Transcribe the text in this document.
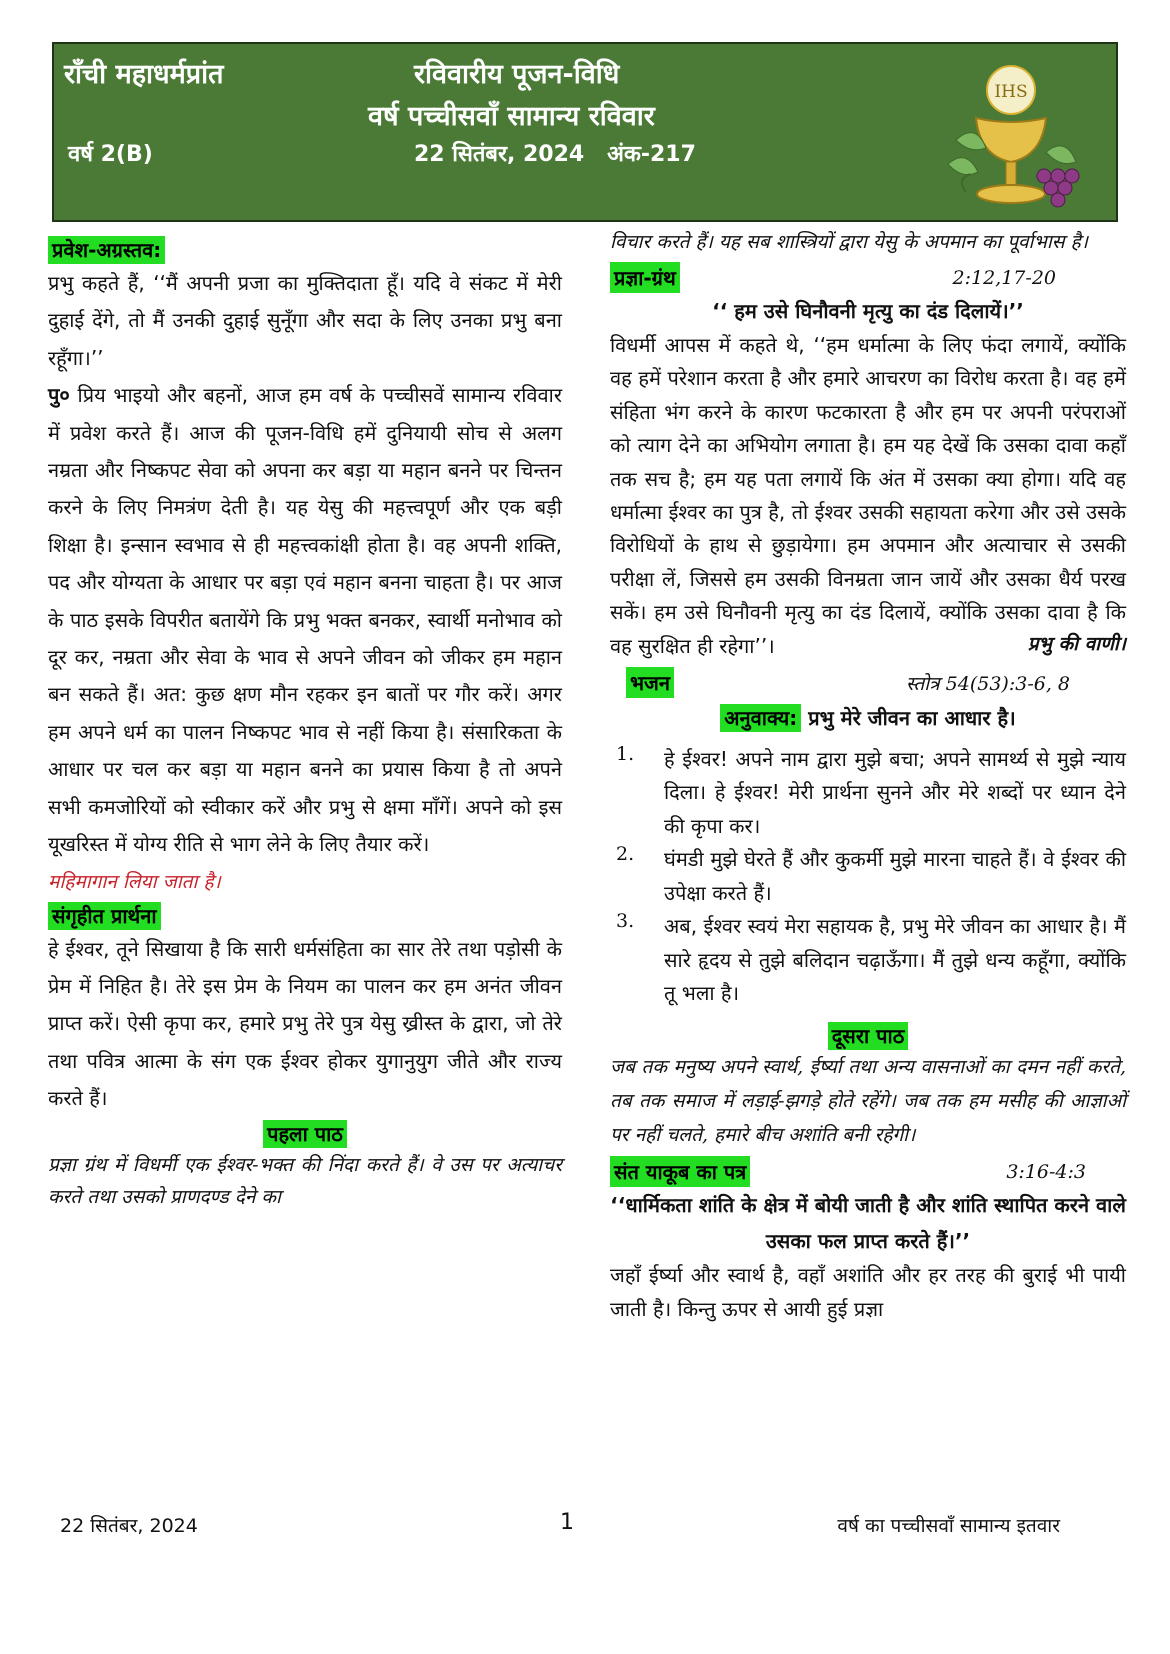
राँची महाधर्मप्रांत
वर्ष 2(B)
रविवारीय पूजन-विधि
वर्ष पच्चीसवाँ सामान्य रविवार
22 सितंबर, 2024   अंक-217
IHS
प्रवेश-अग्रस्तव:

प्रभु कहते हैं, ‘‘मैं अपनी प्रजा का मुक्तिदाता हूँ। यदि वे संकट में मेरी दुहाई देंगे, तो मैं उनकी दुहाई सुनूँगा और सदा के लिए उनका प्रभु बना रहूँगा।’’

पु० प्रिय भाइयो और बहनों, आज हम वर्ष के पच्चीसवें सामान्य रविवार में प्रवेश करते हैं। आज की पूजन-विधि हमें दुनियायी सोच से अलग नम्रता और निष्कपट सेवा को अपना कर बड़ा या महान बनने पर चिन्तन करने के लिए निमत्रंण देती है। यह येसु की महत्त्वपूर्ण और एक बड़ी शिक्षा है। इन्सान स्वभाव से ही महत्त्वकांक्षी होता है। वह अपनी शक्ति, पद और योग्यता के आधार पर बड़ा एवं महान बनना चाहता है। पर आज के पाठ इसके विपरीत बतायेंगे कि प्रभु भक्त बनकर, स्वार्थी मनोभाव को दूर कर, नम्रता और सेवा के भाव से अपने जीवन को जीकर हम महान बन सकते हैं। अत: कुछ क्षण मौन रहकर इन बातों पर गौर करें। अगर हम अपने धर्म का पालन निष्कपट भाव से नहीं किया है। संसारिकता के आधार पर चल कर बड़ा या महान बनने का प्रयास किया है तो अपने सभी कमजोरियों को स्वीकार करें और प्रभु से क्षमा माँगें। अपने को इस यूखरिस्त में योग्य रीति से भाग लेने के लिए तैयार करें।

महिमागान लिया जाता है।

संगृहीत प्रार्थना

हे ईश्वर, तूने सिखाया है कि सारी धर्मसंहिता का सार तेरे तथा पड़ोसी के प्रेम में निहित है। तेरे इस प्रेम के नियम का पालन कर हम अनंत जीवन प्राप्त करें। ऐसी कृपा कर, हमारे प्रभु तेरे पुत्र येसु ख्रीस्त के द्वारा, जो तेरे तथा पवित्र आत्मा के संग एक ईश्वर होकर युगानुयुग जीते और राज्य करते हैं।

पहला पाठ

प्रज्ञा ग्रंथ में विधर्मी एक ईश्वर-भक्त की निंदा करते हैं। वे उस पर अत्याचर करते तथा उसको प्राणदण्ड देने का

विचार करते हैं। यह सब शास्त्रियों द्वारा येसु के अपमान का पूर्वाभास है।

प्रज्ञा-ग्रंथ	2:12,17-20

‘‘ हम उसे घिनौवनी मृत्यु का दंड दिलायें।’’

विधर्मी आपस में कहते थे, ‘‘हम धर्मात्मा के लिए फंदा लगायें, क्योंकि वह हमें परेशान करता है और हमारे आचरण का विरोध करता है। वह हमें संहिता भंग करने के कारण फटकारता है और हम पर अपनी परंपराओं को त्याग देने का अभियोग लगाता है। हम यह देखें कि उसका दावा कहाँ तक सच है; हम यह पता लगायें कि अंत में उसका क्या होगा। यदि वह धर्मात्मा ईश्वर का पुत्र है, तो ईश्वर उसकी सहायता करेगा और उसे उसके विरोधियों के हाथ से छुड़ायेगा। हम अपमान और अत्याचार से उसकी परीक्षा लें, जिससे हम उसकी विनम्रता जान जायें और उसका धैर्य परख सकें। हम उसे घिनौवनी मृत्यु का दंड दिलायें, क्योंकि उसका दावा है कि वह सुरक्षित ही रहेगा’’।	प्रभु की वाणी।
भजन	स्तोत्र 54(53):3-6, 8
अनुवाक्य: प्रभु मेरे जीवन का आधार है।
1.	हे ईश्वर! अपने नाम द्वारा मुझे बचा; अपने सामर्थ्य से मुझे न्याय दिला। हे ईश्वर! मेरी प्रार्थना सुनने और मेरे शब्दों पर ध्यान देने की कृपा कर।

2.	घंमडी मुझे घेरते हैं और कुकर्मी मुझे मारना चाहते हैं। वे ईश्वर की उपेक्षा करते हैं।

3.	अब, ईश्वर स्वयं मेरा सहायक है, प्रभु मेरे जीवन का आधार है। मैं सारे हृदय से तुझे बलिदान चढ़ाऊँगा। मैं तुझे धन्य कहूँगा, क्योंकि तू भला है।

दूसरा पाठ

जब तक मनुष्य अपने स्वार्थ, ईर्ष्या तथा अन्य वासनाओं का दमन नहीं करते, तब तक समाज में लड़ाई-झगड़े होते रहेंगे। जब तक हम मसीह की आज्ञाओं पर नहीं चलते, हमारे बीच अशांति बनी रहेगी।

संत याकूब का पत्र	3:16-4:3

‘‘धार्मिकता शांति के क्षेत्र में बोयी जाती है और शांति स्थापित करने वाले उसका फल प्राप्त करते हैं।’’

जहाँ ईर्ष्या और स्वार्थ है, वहाँ अशांति और हर तरह की बुराई भी पायी जाती है। किन्तु ऊपर से आयी हुई प्रज्ञा

22 सितंबर, 2024	1	वर्ष का पच्चीसवाँ सामान्य इतवार
